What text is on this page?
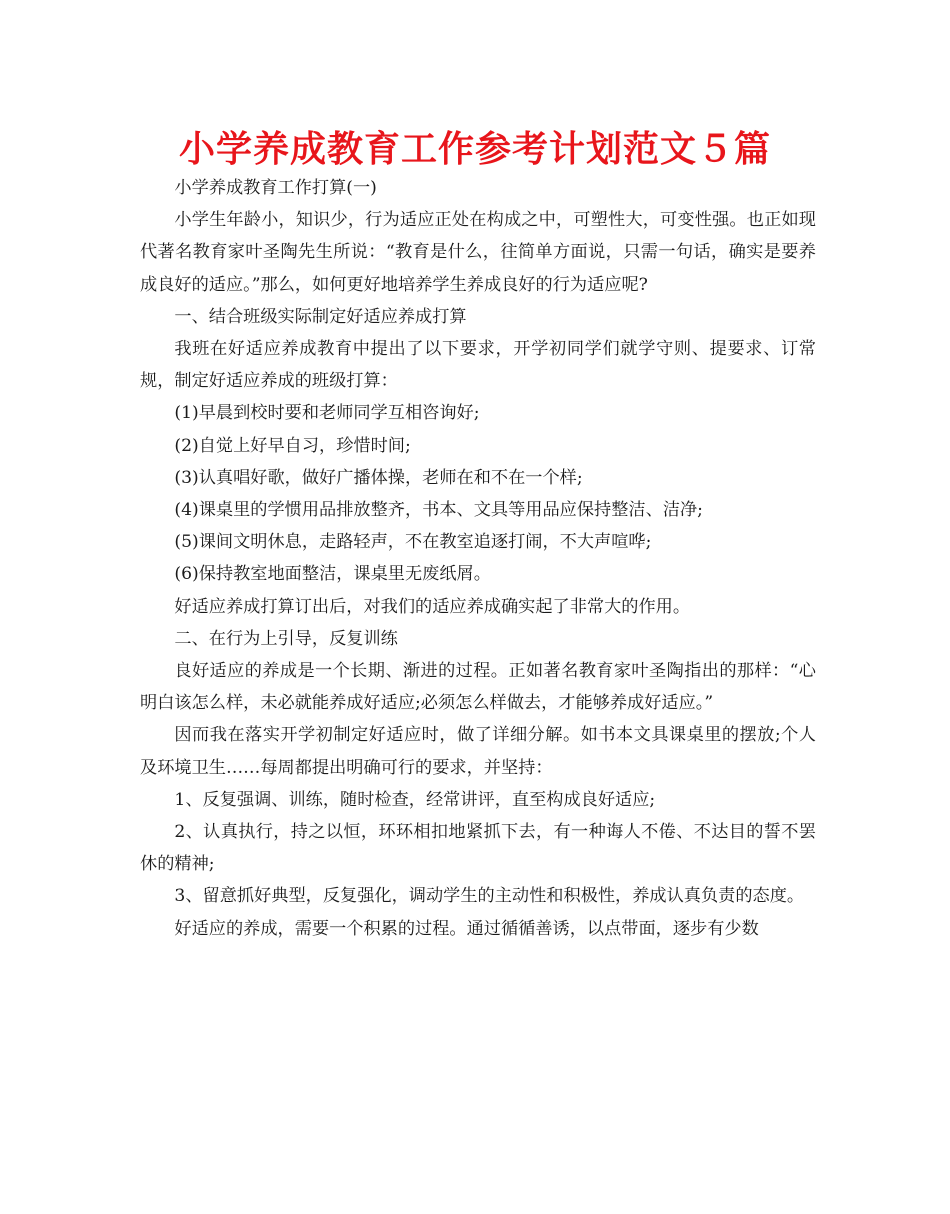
小学养成教育工作参考计划范文５篇

小学养成教育工作打算(一)

小学生年龄小，知识少，行为适应正处在构成之中，可塑性大，可变性强。也正如现代著名教育家叶圣陶先生所说：“教育是什么，往简单方面说，只需一句话，确实是要养成良好的适应。”那么，如何更好地培养学生养成良好的行为适应呢?

一、结合班级实际制定好适应养成打算

我班在好适应养成教育中提出了以下要求，开学初同学们就学守则、提要求、订常规，制定好适应养成的班级打算：

(1)早晨到校时要和老师同学互相咨询好;

(2)自觉上好早自习，珍惜时间;

(3)认真唱好歌，做好广播体操，老师在和不在一个样;

(4)课桌里的学惯用品排放整齐，书本、文具等用品应保持整洁、洁净;

(5)课间文明休息，走路轻声，不在教室追逐打闹，不大声喧哗;

(6)保持教室地面整洁，课桌里无废纸屑。

好适应养成打算订出后，对我们的适应养成确实起了非常大的作用。

二、在行为上引导，反复训练

良好适应的养成是一个长期、渐进的过程。正如著名教育家叶圣陶指出的那样：“心明白该怎么样，未必就能养成好适应;必须怎么样做去，才能够养成好适应。”

因而我在落实开学初制定好适应时，做了详细分解。如书本文具课桌里的摆放;个人及环境卫生……每周都提出明确可行的要求，并坚持：

1、反复强调、训练，随时检查，经常讲评，直至构成良好适应;

2、认真执行，持之以恒，环环相扣地紧抓下去，有一种诲人不倦、不达目的誓不罢休的精神;

3、留意抓好典型，反复强化，调动学生的主动性和积极性，养成认真负责的态度。

好适应的养成，需要一个积累的过程。通过循循善诱，以点带面，逐步有少数
